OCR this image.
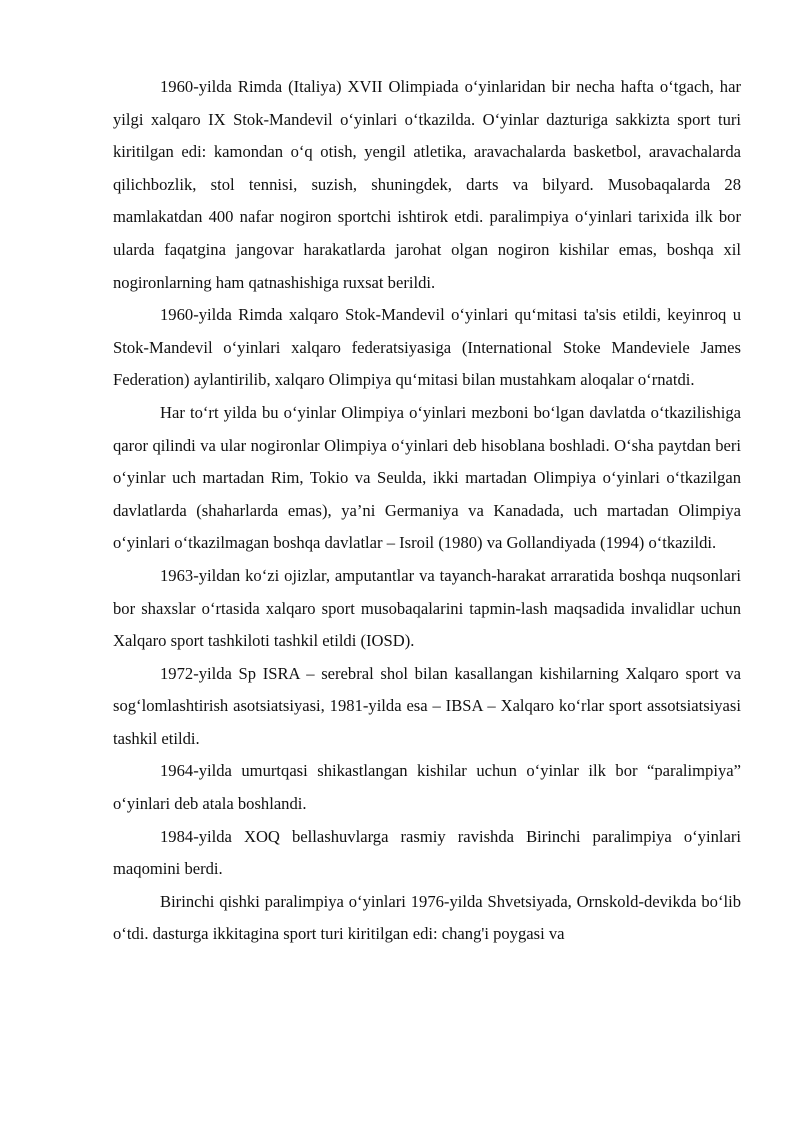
1960-yilda Rimda (Italiya) XVII Olimpiada o‘yinlaridan bir necha hafta o‘tgach, har yilgi xalqaro IX Stok-Mandevil o‘yinlari o‘tkazilda. O‘yinlar dazturiga sakkizta sport turi kiritilgan edi: kamondan o‘q otish, yengil atletika, aravachalarda basketbol, aravachalarda qilichbozlik, stol tennisi, suzish, shuningdek, darts va bilyard. Musobaqalarda 28 mamlakatdan 400 nafar nogiron sportchi ishtirok etdi. paralimpiya o‘yinlari tarixida ilk bor ularda faqatgina jangovar harakatlarda jarohat olgan nogiron kishilar emas, boshqa xil nogironlarning ham qatnashishiga ruxsat berildi.

1960-yilda Rimda xalqaro Stok-Mandevil o‘yinlari qu‘mitasi ta'sis etildi, keyinroq u Stok-Mandevil o‘yinlari xalqaro federatsiyasiga (International Stoke Mandeviele James Federation) aylantirilib, xalqaro Olimpiya qu‘mitasi bilan mustahkam aloqalar o‘rnatdi.

Har to‘rt yilda bu o‘yinlar Olimpiya o‘yinlari mezboni bo‘lgan davlatda o‘tkazilishiga qaror qilindi va ular nogironlar Olimpiya o‘yinlari deb hisoblana boshladi. O‘sha paytdan beri o‘yinlar uch martadan Rim, Tokio va Seulda, ikki martadan Olimpiya o‘yinlari o‘tkazilgan davlatlarda (shaharlarda emas), ya’ni Germaniya va Kanadada, uch martadan Olimpiya o‘yinlari o‘tkazilmagan boshqa davlatlar – Isroil (1980) va Gollandiyada (1994) o‘tkazildi.

1963-yildan ko‘zi ojizlar, amputantlar va tayanch-harakat arraratida boshqa nuqsonlari bor shaxslar o‘rtasida xalqaro sport musobaqalarini tapmin-lash maqsadida invalidlar uchun Xalqaro sport tashkiloti tashkil etildi (IOSD).

1972-yilda Sp ISRA – serebral shol bilan kasallangan kishilarning Xalqaro sport va sog‘lomlashtirish asotsiatsiyasi, 1981-yilda esa – IBSA – Xalqaro ko‘rlar sport assotsiatsiyasi tashkil etildi.

1964-yilda umurtqasi shikastlangan kishilar uchun o‘yinlar ilk bor “paralimpiya” o‘yinlari deb atala boshlandi.

1984-yilda XOQ bellashuvlarga rasmiy ravishda Birinchi paralimpiya o‘yinlari maqomini berdi.

Birinchi qishki paralimpiya o‘yinlari 1976-yilda Shvetsiyada, Ornskold-devikda bo‘lib o‘tdi. dasturga ikkitagina sport turi kiritilgan edi: chang'i poygasi va
